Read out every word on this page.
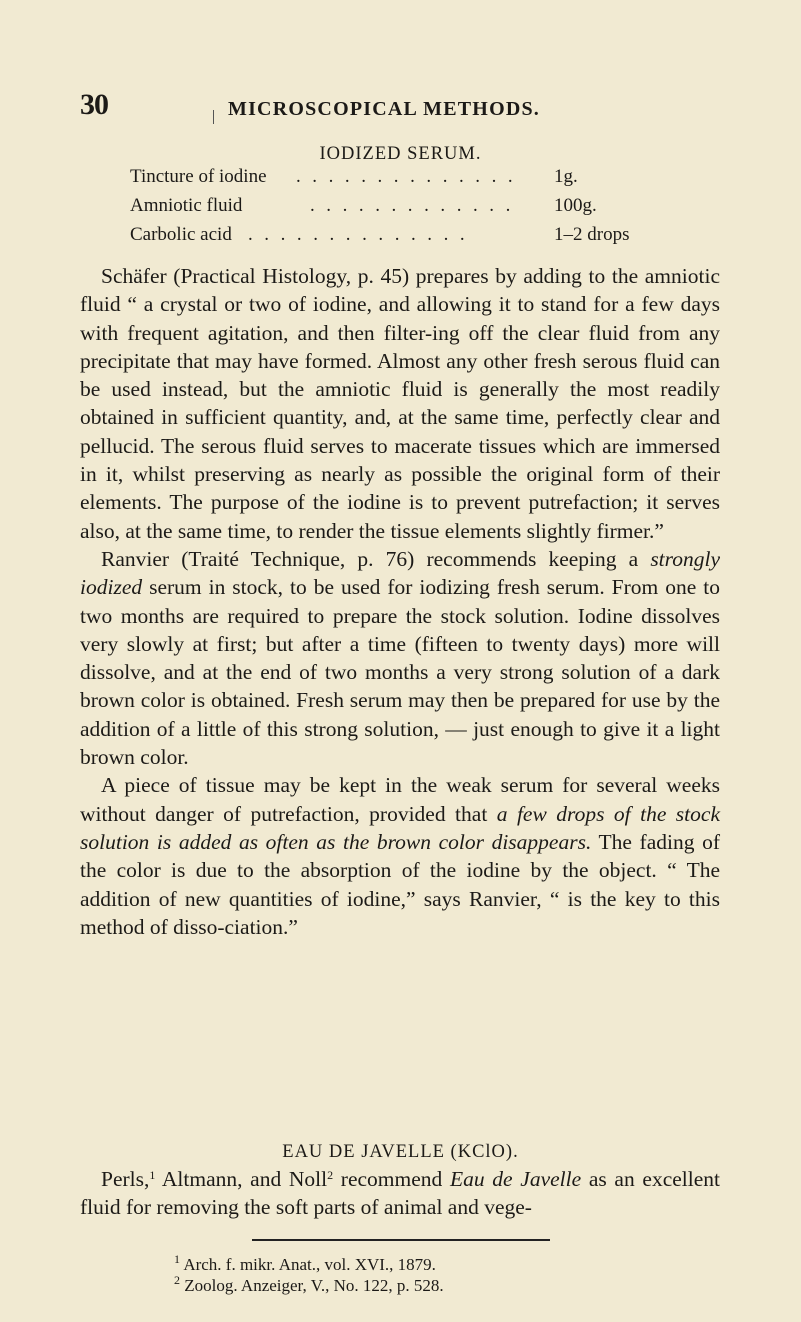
30	MICROSCOPICAL METHODS.
IODIZED SERUM.
Tincture of iodine . . . . . . . . . . . . . . 1g.
Amniotic fluid	. . . . . . . . . . . . . 100g.
Carbolic acid . . . . . . . . . . . . . .	1–2 drops

Schäfer (Practical Histology, p. 45) prepares by adding to the amniotic fluid “ a crystal or two of iodine, and allowing it to stand for a few days with frequent agitation, and then filter-ing off the clear fluid from any precipitate that may have formed. Almost any other fresh serous fluid can be used instead, but the amniotic fluid is generally the most readily obtained in sufficient quantity, and, at the same time, perfectly clear and pellucid. The serous fluid serves to macerate tissues which are immersed in it, whilst preserving as nearly as possible the original form of their elements. The purpose of the iodine is to prevent putrefaction; it serves also, at the same time, to render the tissue elements slightly firmer.”

Ranvier (Traité Technique, p. 76) recommends keeping a strongly iodized serum in stock, to be used for iodizing fresh serum. From one to two months are required to prepare the stock solution. Iodine dissolves very slowly at first; but after a time (fifteen to twenty days) more will dissolve, and at the end of two months a very strong solution of a dark brown color is obtained. Fresh serum may then be prepared for use by the addition of a little of this strong solution, — just enough to give it a light brown color.

A piece of tissue may be kept in the weak serum for several weeks without danger of putrefaction, provided that a few drops of the stock solution is added as often as the brown color disappears. The fading of the color is due to the absorption of the iodine by the object. “ The addition of new quantities of iodine,” says Ranvier, “ is the key to this method of disso-ciation.”

EAU DE JAVELLE (KClO).

Perls,$^1$ Altmann, and Noll$^2$ recommend Eau de Javelle as an excellent fluid for removing the soft parts of animal and vege-

$^1$ Arch. f. mikr. Anat., vol. XVI., 1879.
$^2$ Zoolog. Anzeiger, V., No. 122, p. 528.
